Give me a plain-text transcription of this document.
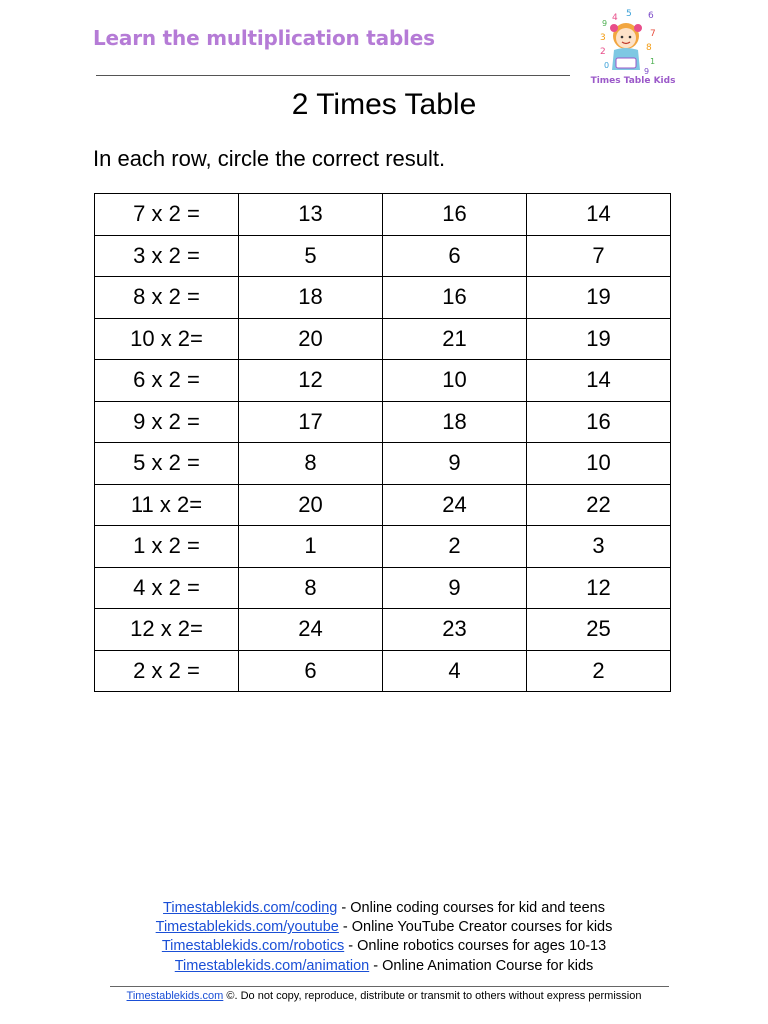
Learn the multiplication tables
4 5 6
9
3
2
7
8
0	1
9
Times Table Kids
2 Times Table
In each row, circle the correct result.
7 x 2 =	13	16	14
3 x 2 =	5	6	7
8 x 2 =	18	16	19
10 x 2=	20	21	19
6 x 2 =	12	10	14
9 x 2 =	17	18	16
5 x 2 =	8	9	10
11 x 2=	20	24	22
1 x 2 =	1	2	3
4 x 2 =	8	9	12
12 x 2=	24	23	25
2 x 2 =	6	4	2
Timestablekids.com/coding - Online coding courses for kid and teens
Timestablekids.com/youtube - Online YouTube Creator courses for kids
Timestablekids.com/robotics - Online robotics courses for ages 10-13
Timestablekids.com/animation - Online Animation Course for kids
Timestablekids.com ©. Do not copy, reproduce, distribute or transmit to others without express permission
